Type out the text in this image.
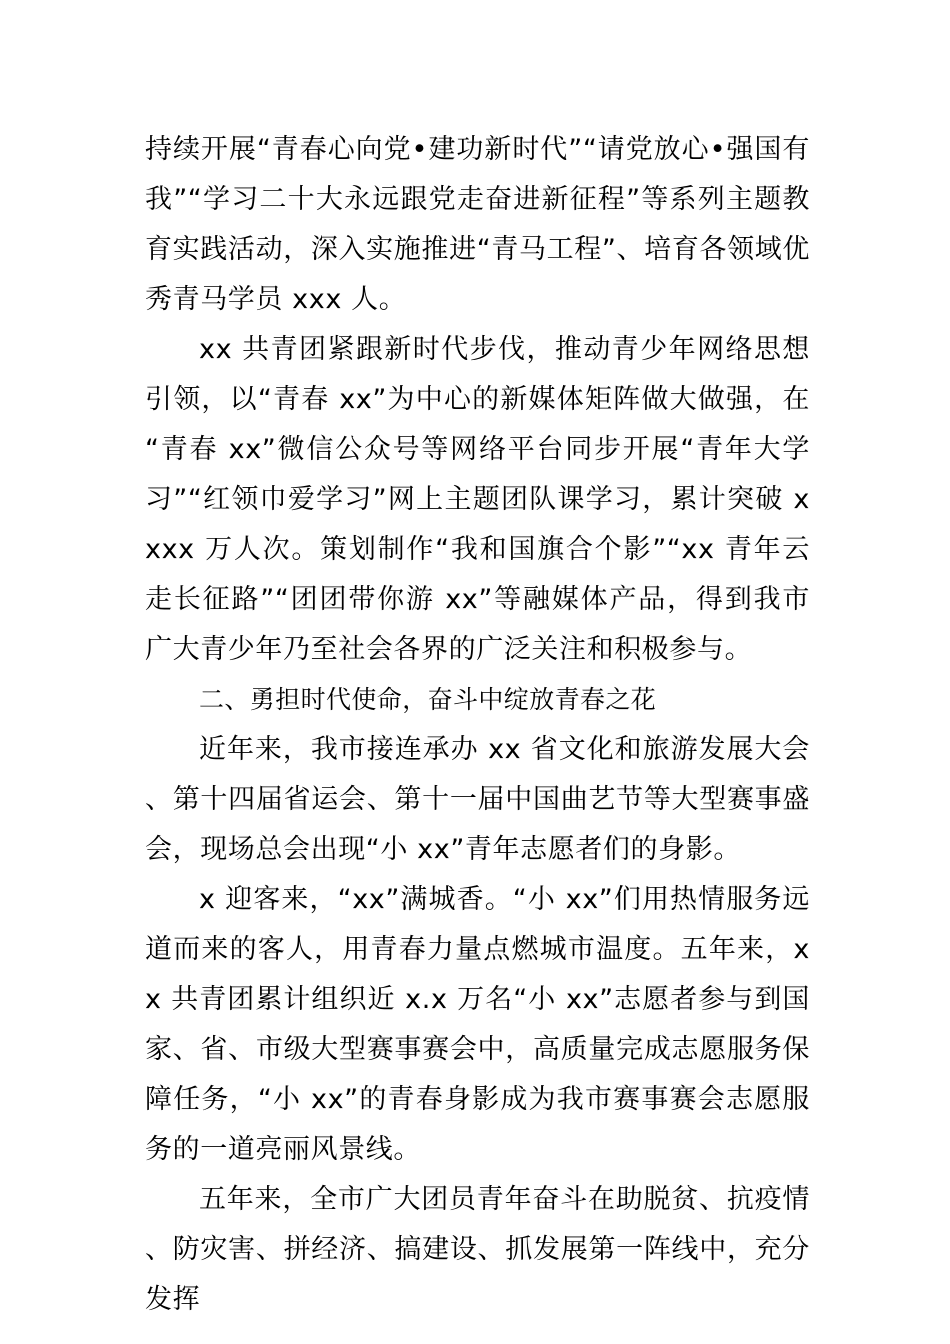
持续开展“青春心向党•建功新时代”“请党放心•强国有我”“学习二十大永远跟党走奋进新征程”等系列主题教育实践活动，深入实施推进“青马工程”、培育各领域优秀青马学员 xxx 人。

xx 共青团紧跟新时代步伐，推动青少年网络思想引领，以“青春 xx”为中心的新媒体矩阵做大做强，在“青春 xx”微信公众号等网络平台同步开展“青年大学习”“红领巾爱学习”网上主题团队课学习，累计突破 xxxx 万人次。策划制作“我和国旗合个影”“xx 青年云走长征路”“团团带你游 xx”等融媒体产品，得到我市广大青少年乃至社会各界的广泛关注和积极参与。

二、勇担时代使命，奋斗中绽放青春之花

近年来，我市接连承办 xx 省文化和旅游发展大会、第十四届省运会、第十一届中国曲艺节等大型赛事盛会，现场总会出现“小 xx”青年志愿者们的身影。

x 迎客来，“xx”满城香。“小 xx”们用热情服务远道而来的客人，用青春力量点燃城市温度。五年来，xx 共青团累计组织近 x.x 万名“小 xx”志愿者参与到国家、省、市级大型赛事赛会中，高质量完成志愿服务保障任务，“小 xx”的青春身影成为我市赛事赛会志愿服务的一道亮丽风景线。

五年来，全市广大团员青年奋斗在助脱贫、抗疫情、防灾害、拼经济、搞建设、抓发展第一阵线中，充分发挥
